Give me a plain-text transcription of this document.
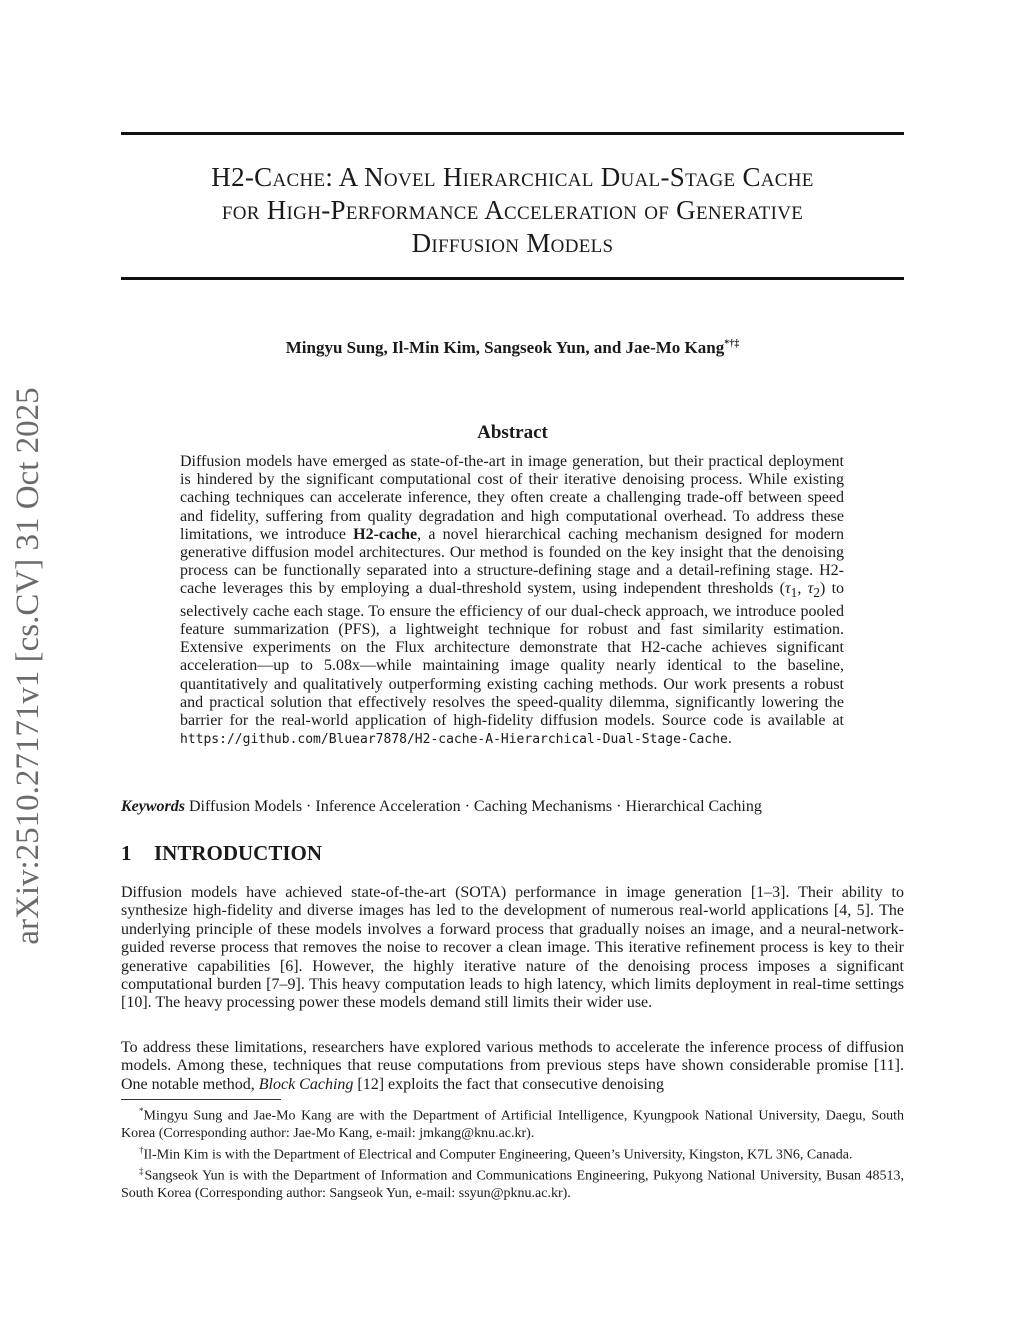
arXiv:2510.27171v1 [cs.CV] 31 Oct 2025
H2-Cache: A Novel Hierarchical Dual-Stage Cache
for High-Performance Acceleration of Generative
Diffusion Models
Mingyu Sung, Il-Min Kim, Sangseok Yun, and Jae-Mo Kang*†‡
Abstract
Diffusion models have emerged as state-of-the-art in image generation, but their practical deployment is hindered by the significant computational cost of their iterative denoising process. While existing caching techniques can accelerate inference, they often create a challenging trade-off between speed and fidelity, suffering from quality degradation and high computational overhead. To address these limitations, we introduce H2-cache, a novel hierarchical caching mechanism designed for modern generative diffusion model architectures. Our method is founded on the key insight that the denoising process can be functionally separated into a structure-defining stage and a detail-refining stage. H2-cache leverages this by employing a dual-threshold system, using independent thresholds ($\tau_1$, $\tau_2$) to selectively cache each stage. To ensure the efficiency of our dual-check approach, we introduce pooled feature summarization (PFS), a lightweight technique for robust and fast similarity estimation. Extensive experiments on the Flux architecture demonstrate that H2-cache achieves significant acceleration—up to 5.08x—while maintaining image quality nearly identical to the baseline, quantitatively and qualitatively outperforming existing caching methods. Our work presents a robust and practical solution that effectively resolves the speed-quality dilemma, significantly lowering the barrier for the real-world application of high-fidelity diffusion models. Source code is available at https://github.com/Bluear7878/H2-cache-A-Hierarchical-Dual-Stage-Cache.
Keywords Diffusion Models · Inference Acceleration · Caching Mechanisms · Hierarchical Caching
1 INTRODUCTION
Diffusion models have achieved state-of-the-art (SOTA) performance in image generation [1–3]. Their ability to synthesize high-fidelity and diverse images has led to the development of numerous real-world applications [4, 5]. The underlying principle of these models involves a forward process that gradually noises an image, and a neural-network-guided reverse process that removes the noise to recover a clean image. This iterative refinement process is key to their generative capabilities [6]. However, the highly iterative nature of the denoising process imposes a significant computational burden [7–9]. This heavy computation leads to high latency, which limits deployment in real-time settings [10]. The heavy processing power these models demand still limits their wider use.
To address these limitations, researchers have explored various methods to accelerate the inference process of diffusion models. Among these, techniques that reuse computations from previous steps have shown considerable promise [11]. One notable method, Block Caching [12] exploits the fact that consecutive denoising

*Mingyu Sung and Jae-Mo Kang are with the Department of Artificial Intelligence, Kyungpook National University, Daegu, South Korea (Corresponding author: Jae-Mo Kang, e-mail: jmkang@knu.ac.kr).

†Il-Min Kim is with the Department of Electrical and Computer Engineering, Queen’s University, Kingston, K7L 3N6, Canada.

‡Sangseok Yun is with the Department of Information and Communications Engineering, Pukyong National University, Busan 48513, South Korea (Corresponding author: Sangseok Yun, e-mail: ssyun@pknu.ac.kr).
